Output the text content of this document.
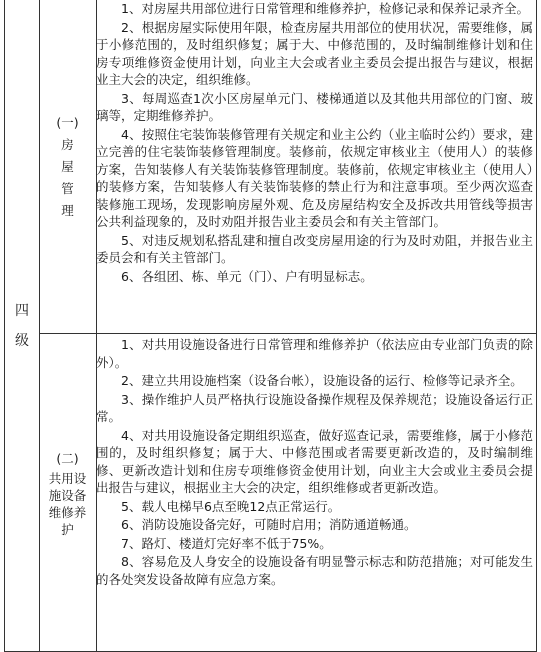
四
级
(一)
房
屋
管
理
(二)
共用设施设备维修养护

1、对房屋共用部位进行日常管理和维修养护，检修记录和保养记录齐全。

2、根据房屋实际使用年限，检查房屋共用部位的使用状况，需要维修，属于小修范围的，及时组织修复；属于大、中修范围的，及时编制维修计划和住房专项维修资金使用计划，向业主大会或者业主委员会提出报告与建议，根据业主大会的决定，组织维修。

3、每周巡查1次小区房屋单元门、楼梯通道以及其他共用部位的门窗、玻璃等，定期维修养护。

4、按照住宅装饰装修管理有关规定和业主公约（业主临时公约）要求，建立完善的住宅装饰装修管理制度。装修前，依规定审核业主（使用人）的装修方案，告知装修人有关装饰装修管理制度。装修前，依规定审核业主（使用人）的装修方案，告知装修人有关装饰装修的禁止行为和注意事项。至少两次巡查装修施工现场，发现影响房屋外观、危及房屋结构安全及拆改共用管线等损害公共利益现象的，及时劝阻并报告业主委员会和有关主管部门。

5、对违反规划私搭乱建和擅自改变房屋用途的行为及时劝阻，并报告业主委员会和有关主管部门。

6、各组团、栋、单元（门）、户有明显标志。

1、对共用设施设备进行日常管理和维修养护（依法应由专业部门负责的除外）。

2、建立共用设施档案（设备台帐），设施设备的运行、检修等记录齐全。

3、操作维护人员严格执行设施设备操作规程及保养规范；设施设备运行正常。

4、对共用设施设备定期组织巡查，做好巡查记录，需要维修，属于小修范围的，及时组织修复；属于大、中修范围或者需要更新改造的，及时编制维修、更新改造计划和住房专项维修资金使用计划，向业主大会或业主委员会提出报告与建议，根据业主大会的决定，组织维修或者更新改造。

5、载人电梯早6点至晚12点正常运行。

6、消防设施设备完好，可随时启用；消防通道畅通。

7、路灯、楼道灯完好率不低于75%。

8、容易危及人身安全的设施设备有明显警示标志和防范措施；对可能发生的各处突发设备故障有应急方案。
